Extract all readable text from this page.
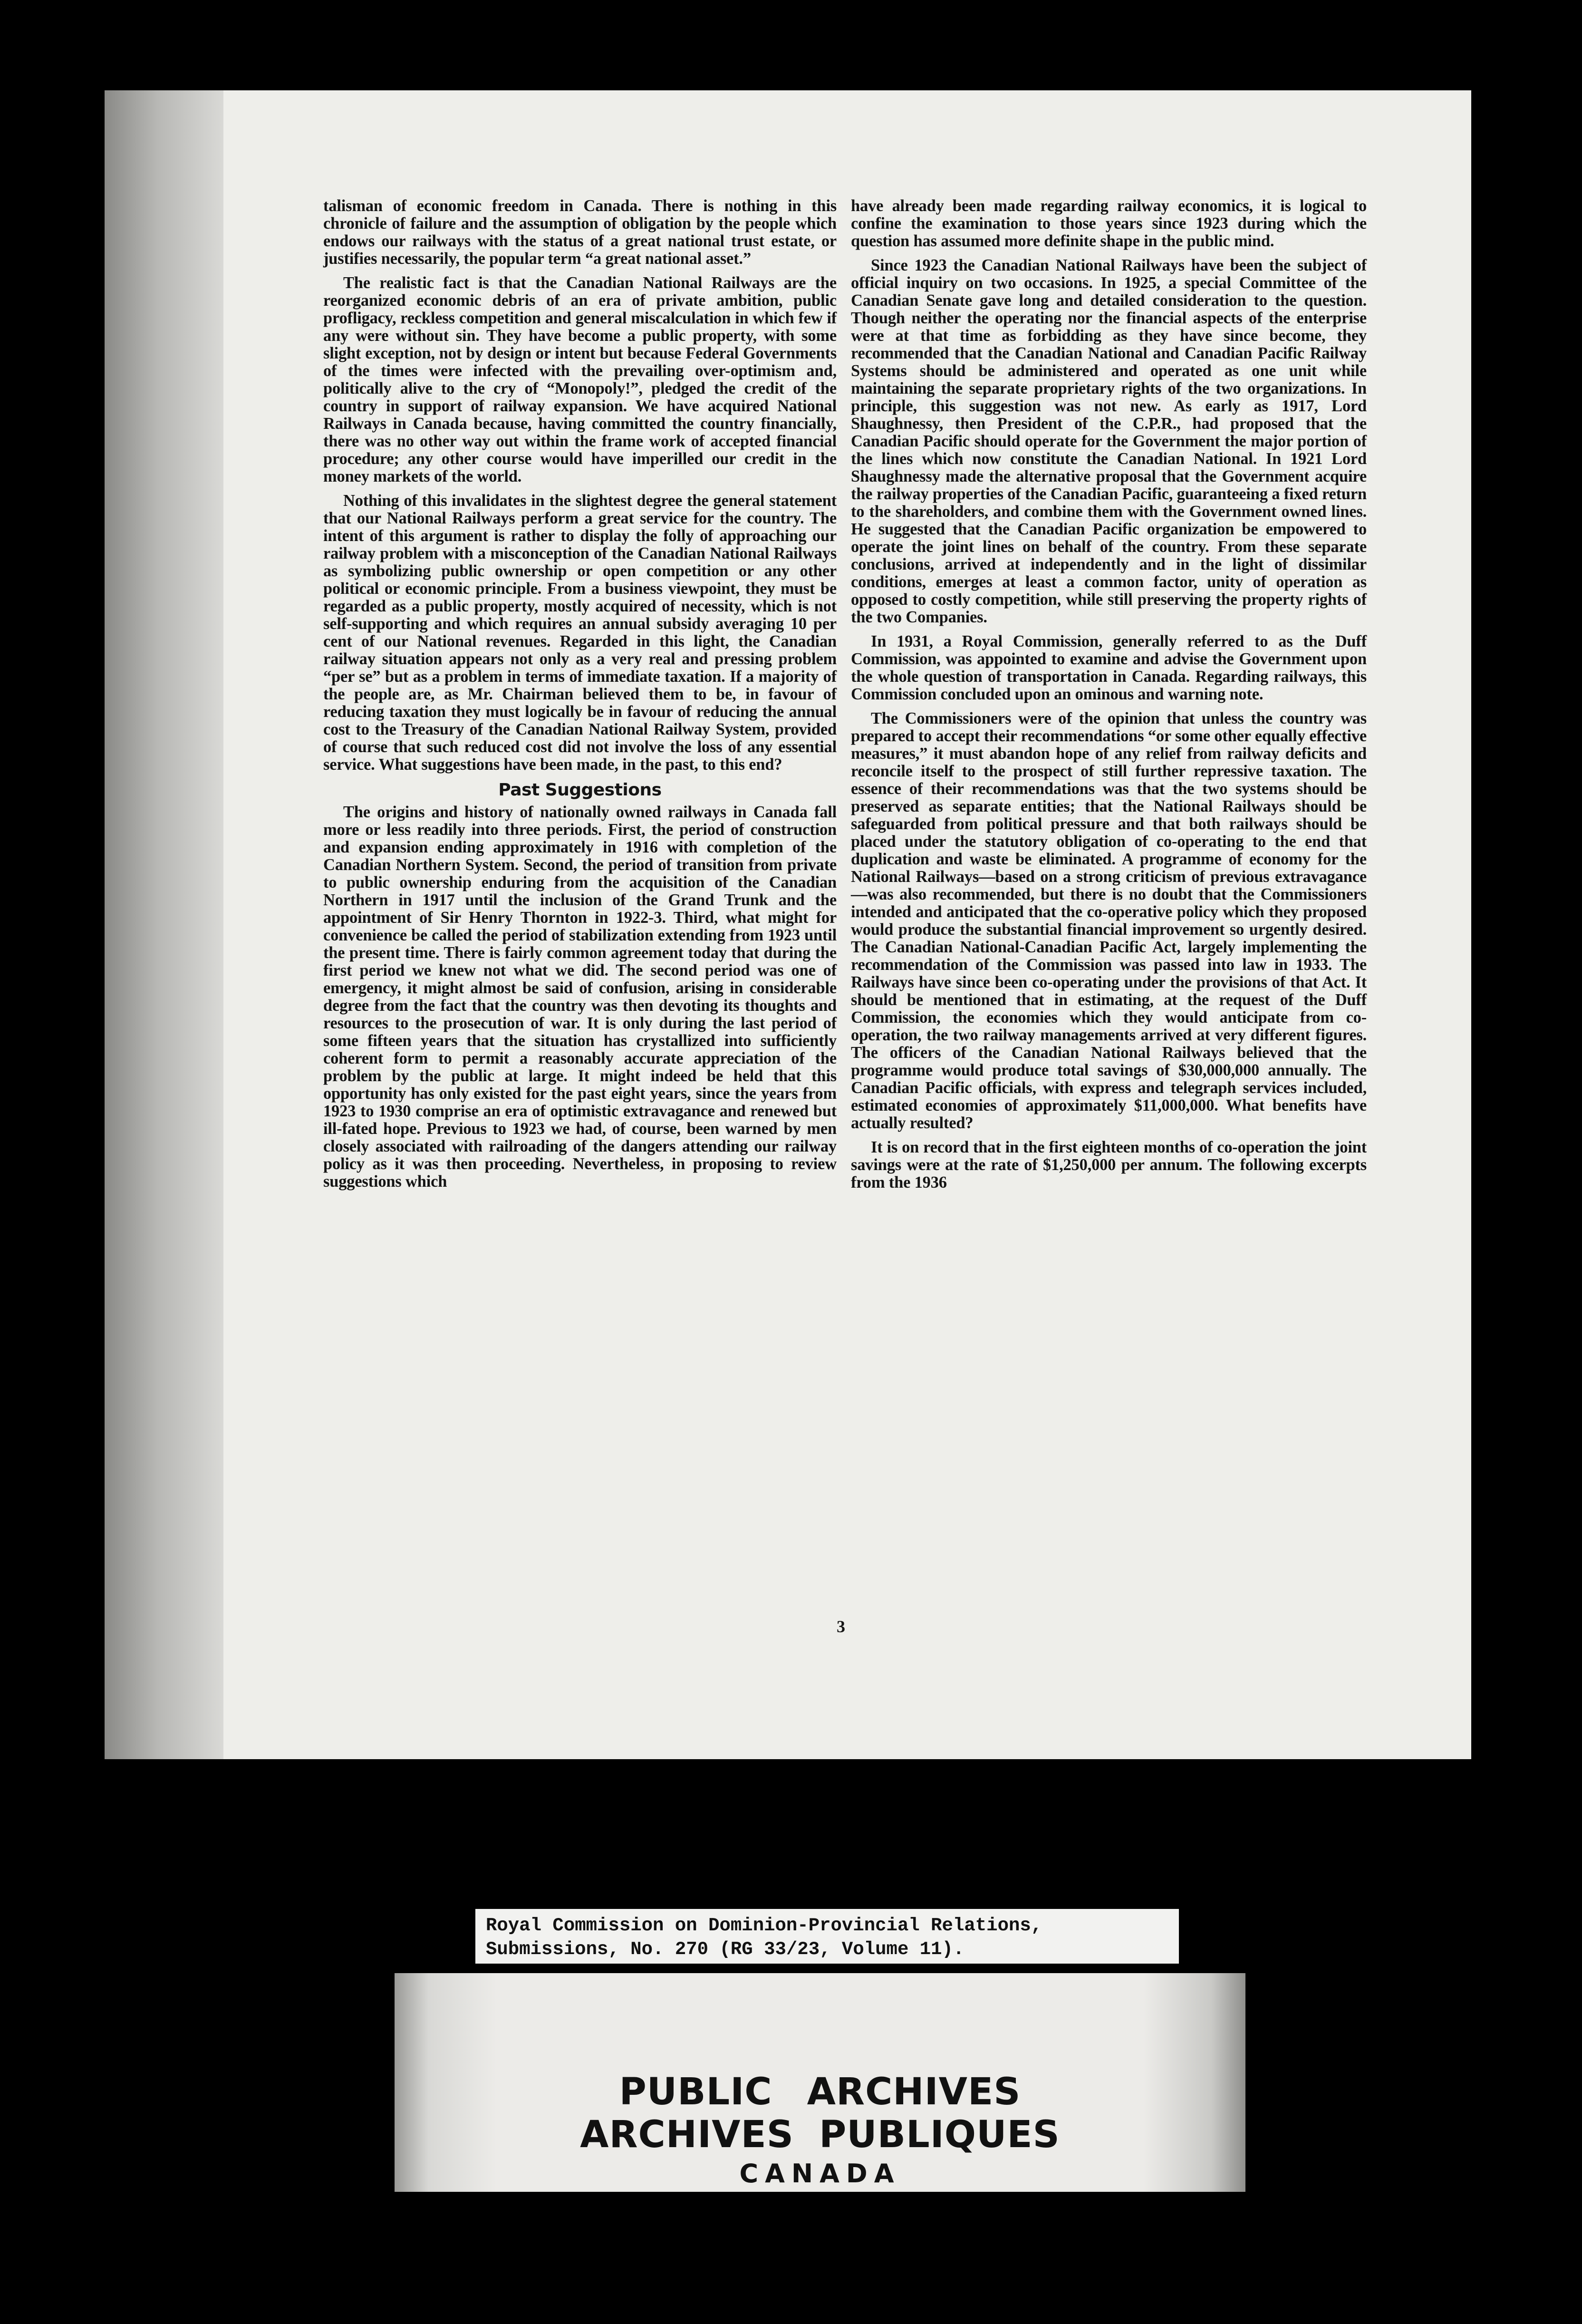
talisman of economic freedom in Canada. There is nothing in this chronicle of failure and the assumption of obligation by the people which endows our railways with the status of a great national trust estate, or justifies necessarily, the popular term “a great national asset.”

The realistic fact is that the Canadian National Railways are the reorganized economic debris of an era of private ambition, public profligacy, reckless competition and general miscalculation in which few if any were without sin. They have become a public property, with some slight exception, not by design or intent but because Federal Governments of the times were infected with the prevailing over-optimism and, politically alive to the cry of “Monopoly!”, pledged the credit of the country in support of railway expansion. We have acquired National Railways in Canada because, having committed the country financially, there was no other way out within the frame work of accepted financial procedure; any other course would have imperilled our credit in the money markets of the world.

Nothing of this invalidates in the slightest degree the general statement that our National Railways perform a great service for the country. The intent of this argument is rather to display the folly of approaching our railway problem with a misconception of the Canadian National Railways as symbolizing public ownership or open competition or any other political or economic principle. From a business viewpoint, they must be regarded as a public property, mostly acquired of necessity, which is not self-supporting and which requires an annual subsidy averaging 10 per cent of our National revenues. Regarded in this light, the Canadian railway situation appears not only as a very real and pressing problem “per se” but as a problem in terms of immediate taxation. If a majority of the people are, as Mr. Chairman believed them to be, in favour of reducing taxation they must logically be in favour of reducing the annual cost to the Treasury of the Canadian National Railway System, provided of course that such reduced cost did not involve the loss of any essential service. What suggestions have been made, in the past, to this end?

Past Suggestions

The origins and history of nationally owned railways in Canada fall more or less readily into three periods. First, the period of construction and expansion ending approximately in 1916 with completion of the Canadian Northern System. Second, the period of transition from private to public ownership enduring from the acquisition of the Canadian Northern in 1917 until the inclusion of the Grand Trunk and the appointment of Sir Henry Thornton in 1922-3. Third, what might for convenience be called the period of stabilization extending from 1923 until the present time. There is fairly common agreement today that during the first period we knew not what we did. The second period was one of emergency, it might almost be said of confusion, arising in considerable degree from the fact that the country was then devoting its thoughts and resources to the prosecution of war. It is only during the last period of some fifteen years that the situation has crystallized into sufficiently coherent form to permit a reasonably accurate appreciation of the problem by the public at large. It might indeed be held that this opportunity has only existed for the past eight years, since the years from 1923 to 1930 comprise an era of optimistic extravagance and renewed but ill-fated hope. Previous to 1923 we had, of course, been warned by men closely associated with railroading of the dangers attending our railway policy as it was then proceeding. Nevertheless, in proposing to review suggestions which

have already been made regarding railway economics, it is logical to confine the examination to those years since 1923 during which the question has assumed more definite shape in the public mind.

Since 1923 the Canadian National Railways have been the subject of official inquiry on two occasions. In 1925, a special Committee of the Canadian Senate gave long and detailed consideration to the question. Though neither the operating nor the financial aspects of the enterprise were at that time as forbidding as they have since become, they recommended that the Canadian National and Canadian Pacific Railway Systems should be administered and operated as one unit while maintaining the separate proprietary rights of the two organizations. In principle, this suggestion was not new. As early as 1917, Lord Shaughnessy, then President of the C.P.R., had proposed that the Canadian Pacific should operate for the Government the major portion of the lines which now constitute the Canadian National. In 1921 Lord Shaughnessy made the alternative proposal that the Government acquire the railway properties of the Canadian Pacific, guaranteeing a fixed return to the shareholders, and combine them with the Government owned lines. He suggested that the Canadian Pacific organization be empowered to operate the joint lines on behalf of the country. From these separate conclusions, arrived at independently and in the light of dissimilar conditions, emerges at least a common factor, unity of operation as opposed to costly competition, while still preserving the property rights of the two Companies.

In 1931, a Royal Commission, generally referred to as the Duff Commission, was appointed to examine and advise the Government upon the whole question of transportation in Canada. Regarding railways, this Commission concluded upon an ominous and warning note.

The Commissioners were of the opinion that unless the country was prepared to accept their recommendations “or some other equally effective measures,” it must abandon hope of any relief from railway deficits and reconcile itself to the prospect of still further repressive taxation. The essence of their recommendations was that the two systems should be preserved as separate entities; that the National Railways should be safeguarded from political pressure and that both railways should be placed under the statutory obligation of co-operating to the end that duplication and waste be eliminated. A programme of economy for the National Railways—based on a strong criticism of previous extravagance—was also recommended, but there is no doubt that the Commissioners intended and anticipated that the co-operative policy which they proposed would produce the substantial financial improvement so urgently desired. The Canadian National-Canadian Pacific Act, largely implementing the recommendation of the Commission was passed into law in 1933. The Railways have since been co-operating under the provisions of that Act. It should be mentioned that in estimating, at the request of the Duff Commission, the economies which they would anticipate from co-operation, the two railway managements arrived at very different figures. The officers of the Canadian National Railways believed that the programme would produce total savings of $30,000,000 annually. The Canadian Pacific officials, with express and telegraph services included, estimated economies of approximately $11,000,000. What benefits have actually resulted?

It is on record that in the first eighteen months of co-operation the joint savings were at the rate of $1,250,000 per annum. The following excerpts from the 1936

3
Royal Commission on Dominion-Provincial Relations,
Submissions, No. 270 (RG 33/23, Volume 11).
PUBLIC ARCHIVES
ARCHIVES PUBLIQUES
CANADA
